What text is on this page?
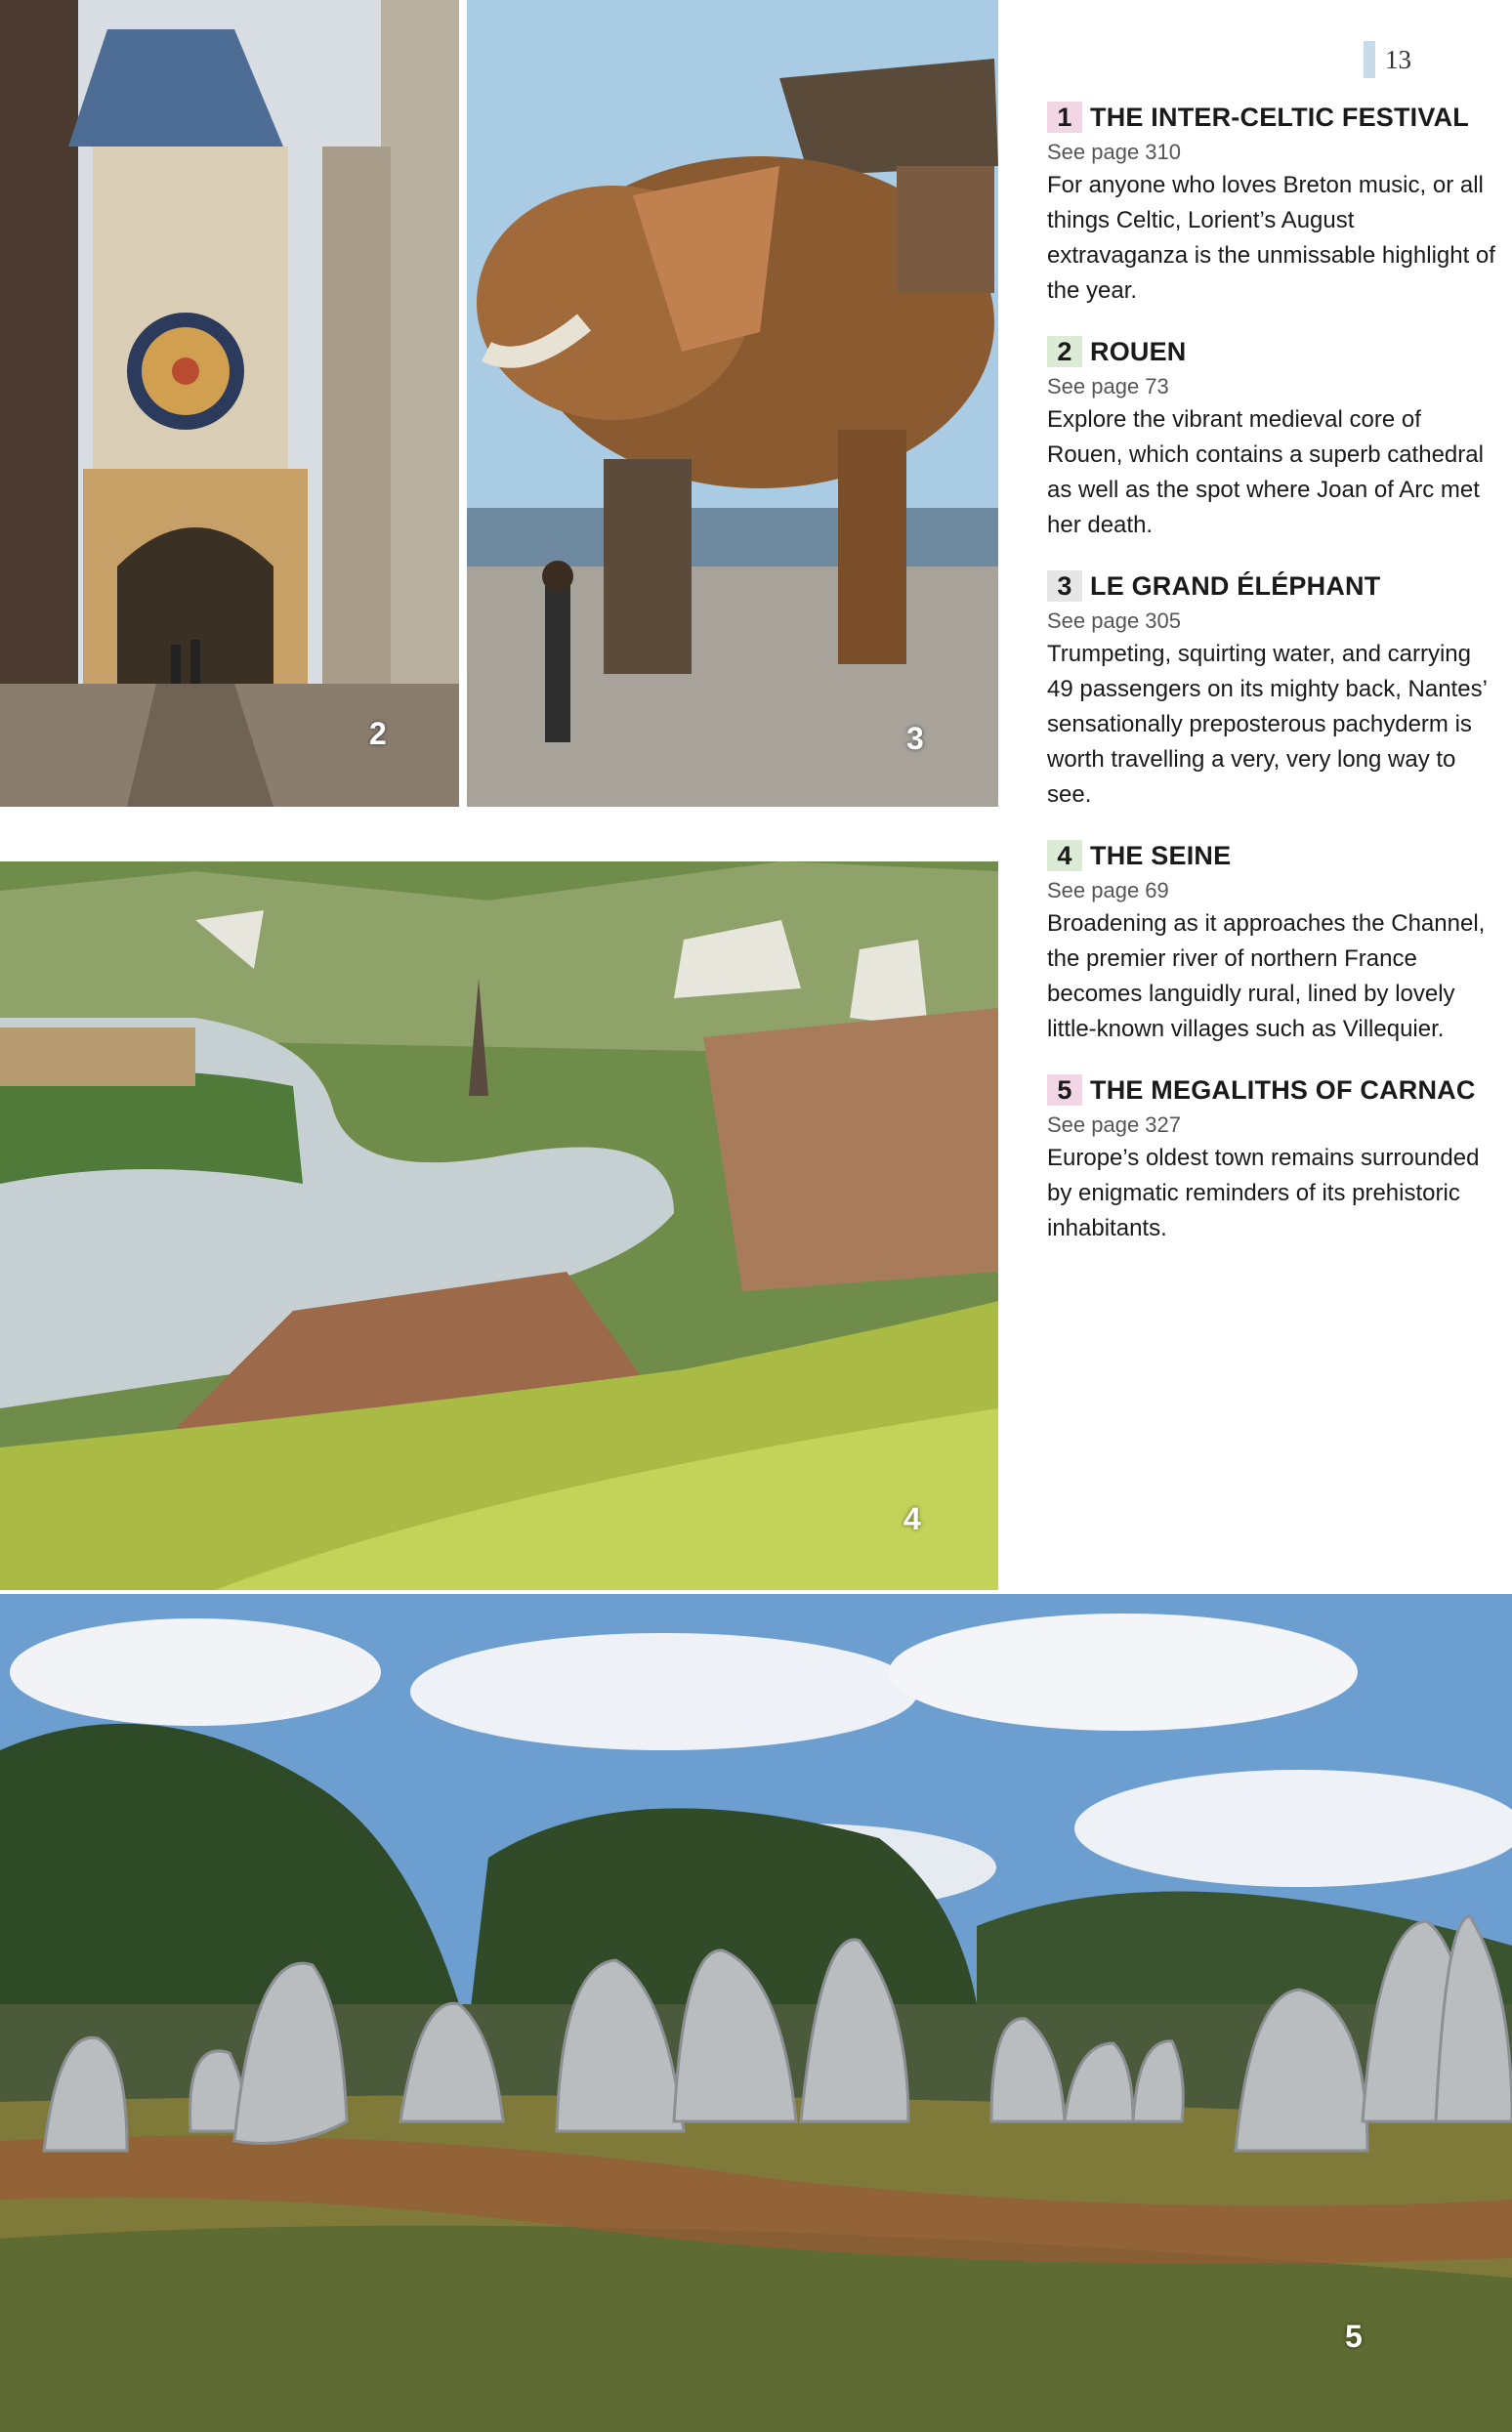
2	3
4
5
13
1 THE INTER-CELTIC FESTIVAL
See page 310
For anyone who loves Breton music, or all things Celtic, Lorient’s August extravaganza is the unmissable highlight of the year.
2 ROUEN
See page 73
Explore the vibrant medieval core of Rouen, which contains a superb cathedral as well as the spot where Joan of Arc met her death.
3 LE GRAND ÉLÉPHANT
See page 305
Trumpeting, squirting water, and carrying 49 passengers on its mighty back, Nantes’ sensationally preposterous pachyderm is worth travelling a very, very long way to see.
4 THE SEINE
See page 69
Broadening as it approaches the Channel, the premier river of northern France becomes languidly rural, lined by lovely little-known villages such as Villequier.
5 THE MEGALITHS OF CARNAC
See page 327
Europe’s oldest town remains surrounded by enigmatic reminders of its prehistoric inhabitants.
